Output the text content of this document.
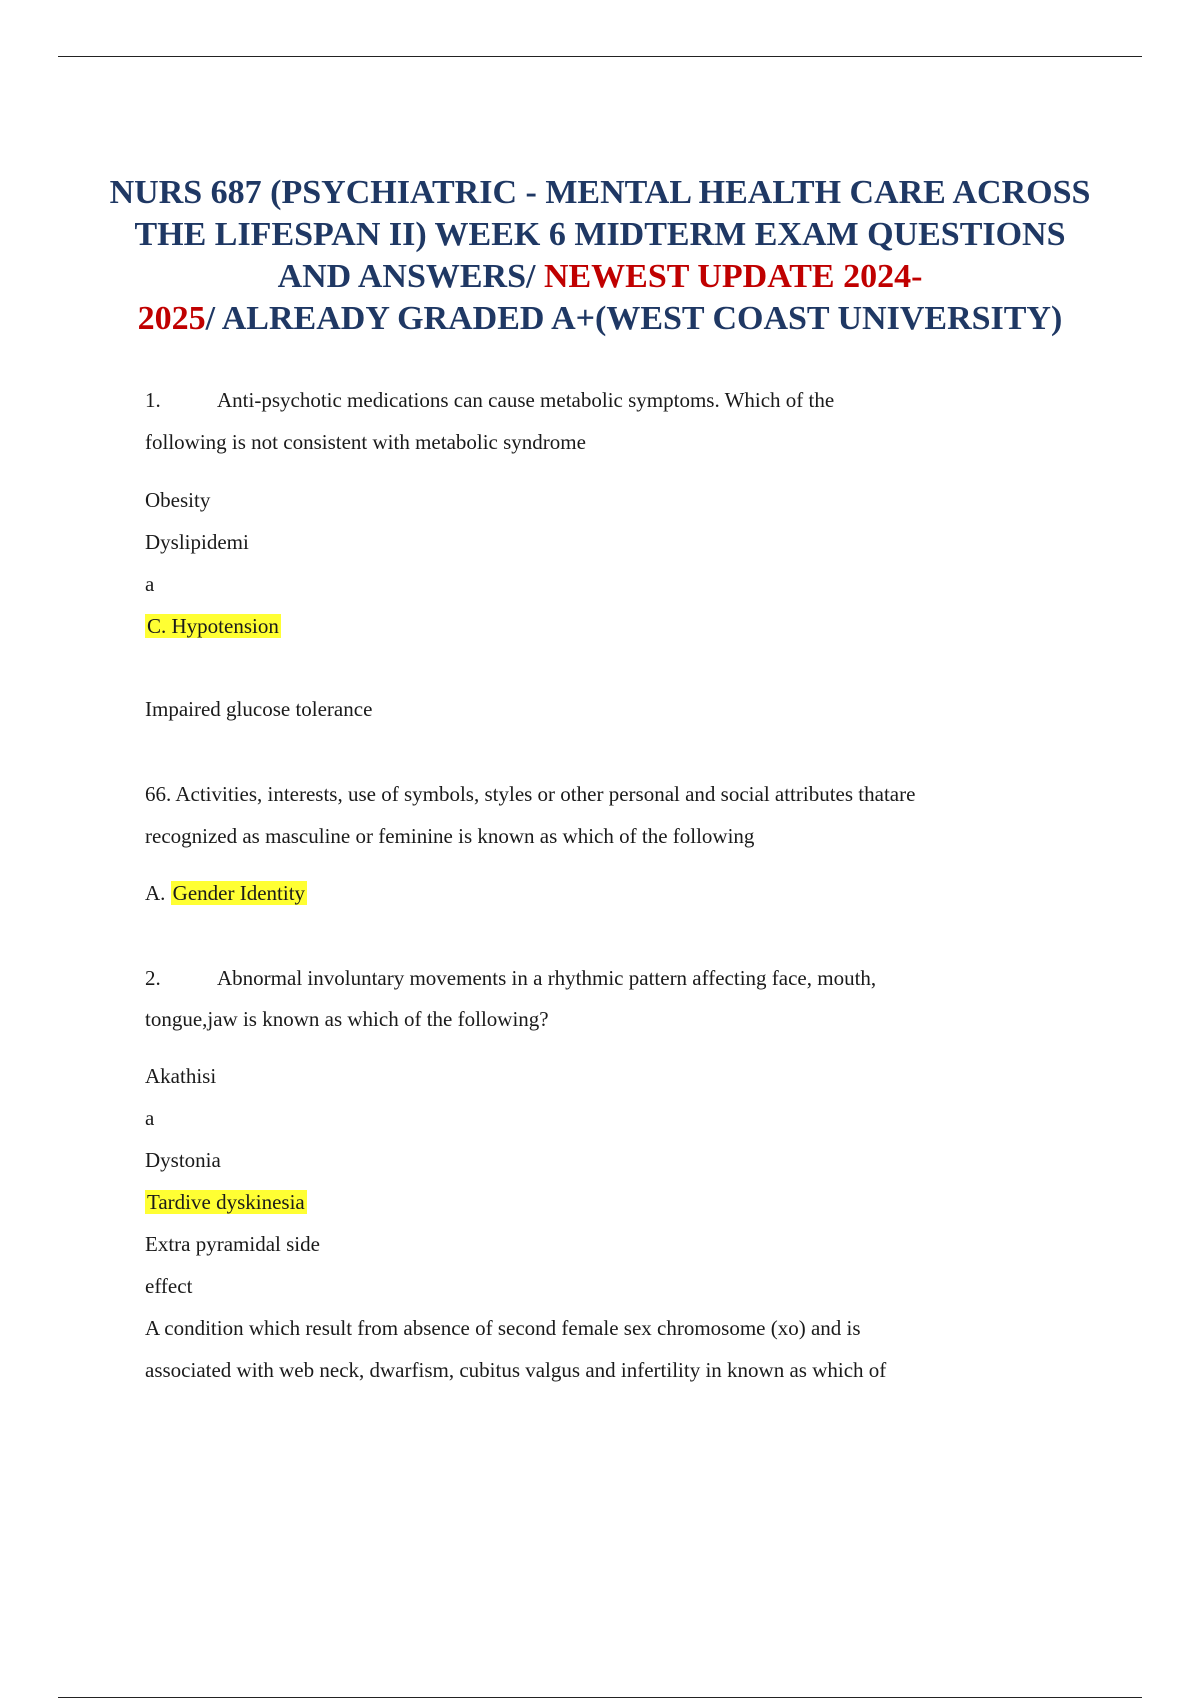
NURS 687 (PSYCHIATRIC - MENTAL HEALTH CARE ACROSS THE LIFESPAN II) WEEK 6 MIDTERM EXAM QUESTIONS AND ANSWERS/ NEWEST UPDATE 2024-
2025/ ALREADY GRADED A+(WEST COAST UNIVERSITY)
1.	Anti-psychotic medications can cause metabolic symptoms. Which of the
following is not consistent with metabolic syndrome
Obesity
Dyslipidemi
a
C. Hypotension
Impaired glucose tolerance
66. Activities, interests, use of symbols, styles or other personal and social attributes thatare
recognized as masculine or feminine is known as which of the following
A. Gender Identity
2.	Abnormal involuntary movements in a rhythmic pattern affecting face, mouth,
tongue,jaw is known as which of the following?
Akathisi
a
Dystonia
Tardive dyskinesia
Extra pyramidal side
effect
A condition which result from absence of second female sex chromosome (xo) and is
associated with web neck, dwarfism, cubitus valgus and infertility in known as which of
